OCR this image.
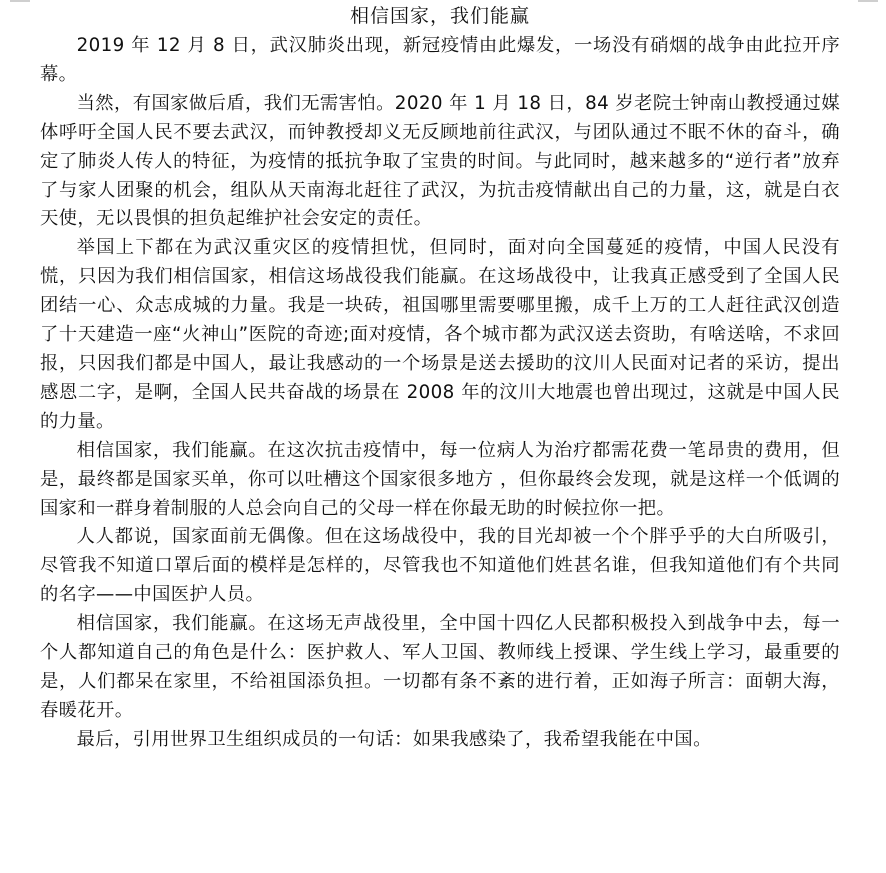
相信国家，我们能赢

2019 年 12 月 8 日，武汉肺炎出现，新冠疫情由此爆发，一场没有硝烟的战争由此拉开序幕。

当然，有国家做后盾，我们无需害怕。2020 年 1 月 18 日，84 岁老院士钟南山教授通过媒体呼吁全国人民不要去武汉，而钟教授却义无反顾地前往武汉，与团队通过不眠不休的奋斗，确定了肺炎人传人的特征，为疫情的抵抗争取了宝贵的时间。与此同时，越来越多的“逆行者”放弃了与家人团聚的机会，组队从天南海北赶往了武汉，为抗击疫情献出自己的力量，这，就是白衣天使，无以畏惧的担负起维护社会安定的责任。

举国上下都在为武汉重灾区的疫情担忧，但同时，面对向全国蔓延的疫情，中国人民没有慌，只因为我们相信国家，相信这场战役我们能赢。在这场战役中，让我真正感受到了全国人民团结一心、众志成城的力量。我是一块砖，祖国哪里需要哪里搬，成千上万的工人赶往武汉创造了十天建造一座“火神山”医院的奇迹;面对疫情，各个城市都为武汉送去资助，有啥送啥，不求回报，只因我们都是中国人，最让我感动的一个场景是送去援助的汶川人民面对记者的采访，提出感恩二字，是啊，全国人民共奋战的场景在 2008 年的汶川大地震也曾出现过，这就是中国人民的力量。

相信国家，我们能赢。在这次抗击疫情中，每一位病人为治疗都需花费一笔昂贵的费用，但是，最终都是国家买单，你可以吐槽这个国家很多地方 ，但你最终会发现，就是这样一个低调的国家和一群身着制服的人总会向自己的父母一样在你最无助的时候拉你一把。

人人都说，国家面前无偶像。但在这场战役中，我的目光却被一个个胖乎乎的大白所吸引，尽管我不知道口罩后面的模样是怎样的，尽管我也不知道他们姓甚名谁，但我知道他们有个共同的名字——中国医护人员。

相信国家，我们能赢。在这场无声战役里，全中国十四亿人民都积极投入到战争中去，每一个人都知道自己的角色是什么：医护救人、军人卫国、教师线上授课、学生线上学习，最重要的是，人们都呆在家里，不给祖国添负担。一切都有条不紊的进行着，正如海子所言：面朝大海，春暖花开。

最后，引用世界卫生组织成员的一句话：如果我感染了，我希望我能在中国。
